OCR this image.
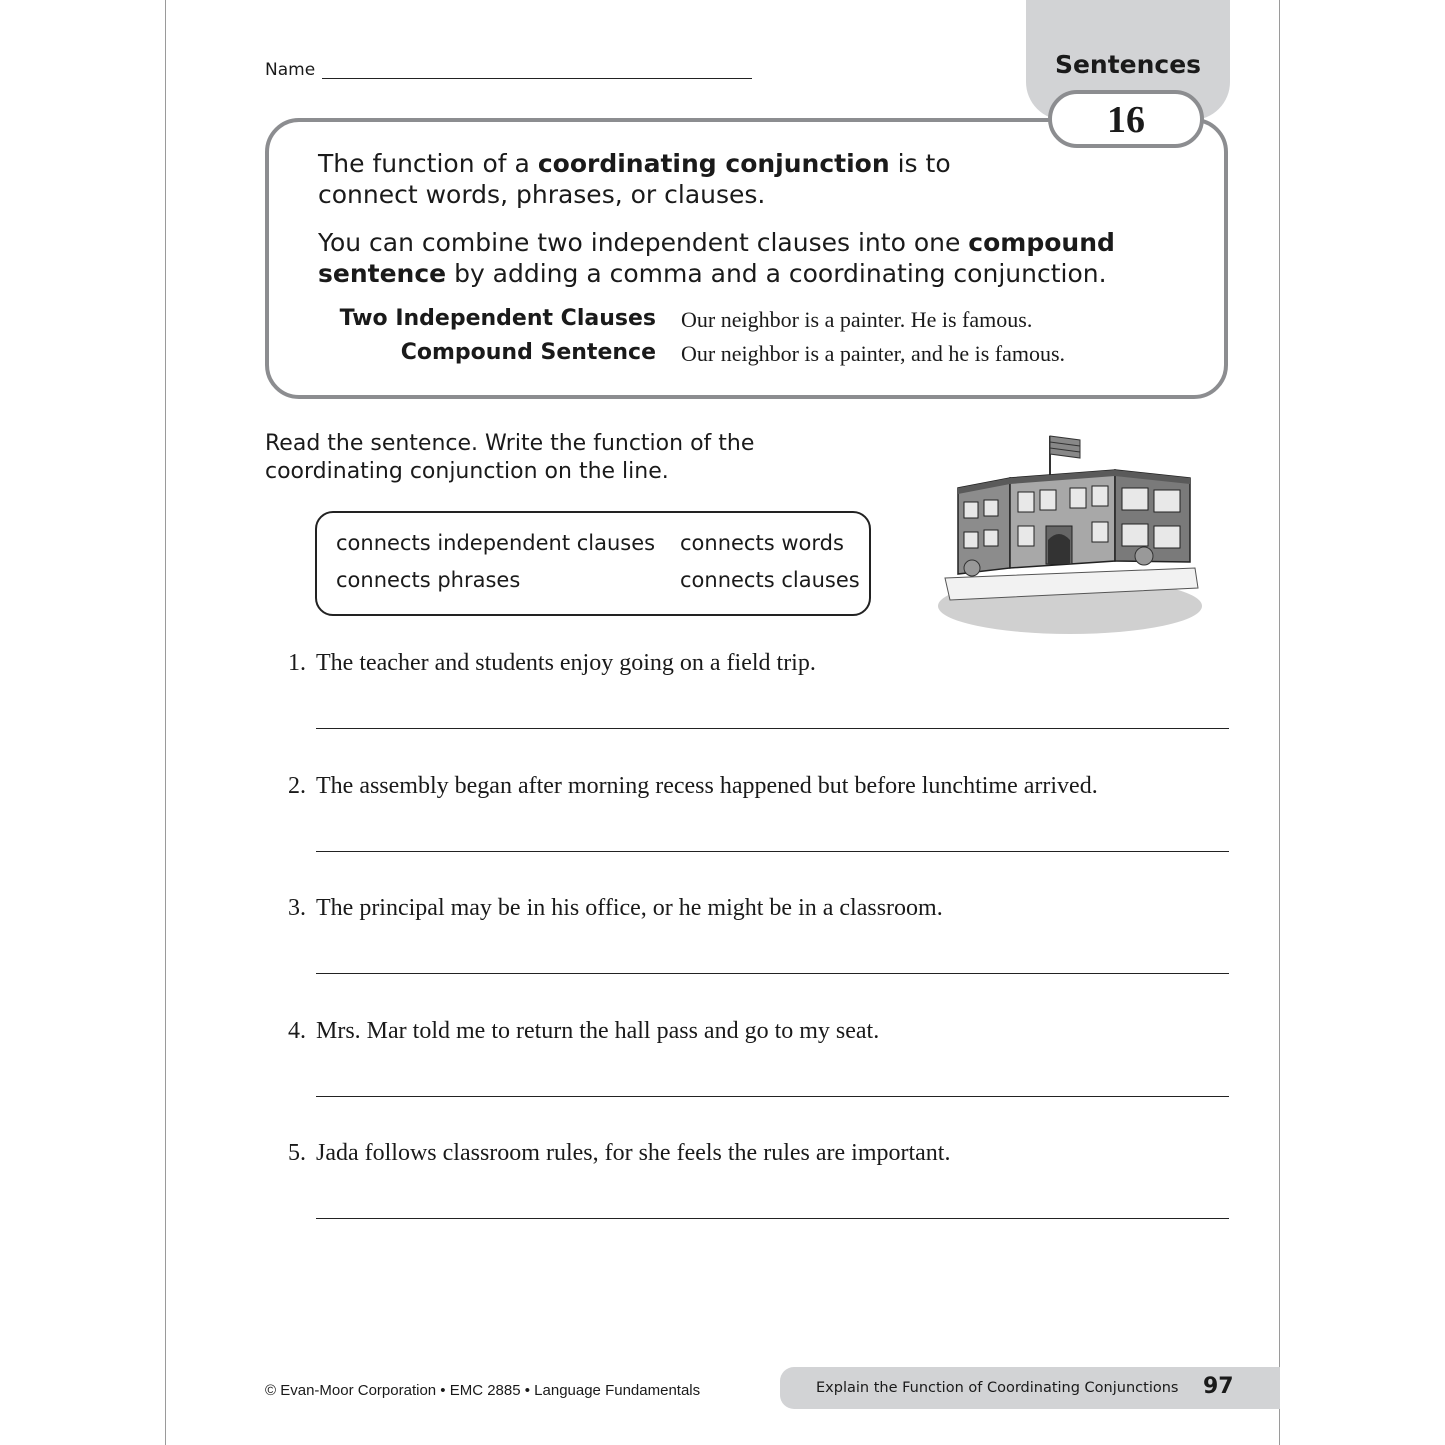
Name	Sentences
16
The function of a coordinating conjunction is to connect words, phrases, or clauses.
You can combine two independent clauses into one compound sentence by adding a comma and a coordinating conjunction.
Two Independent Clauses Our neighbor is a painter. He is famous.
Compound Sentence Our neighbor is a painter, and he is famous.
Read the sentence. Write the function of the coordinating conjunction on the line.
connects independent clauses connects words
connects phrases	connects clauses
1. The teacher and students enjoy going on a field trip.
2. The assembly began after morning recess happened but before lunchtime arrived.
3. The principal may be in his office, or he might be in a classroom.
4. Mrs. Mar told me to return the hall pass and go to my seat.
5. Jada follows classroom rules, for she feels the rules are important.
© Evan-Moor Corporation • EMC 2885 • Language Fundamentals	Explain the Function of Coordinating Conjunctions 97
